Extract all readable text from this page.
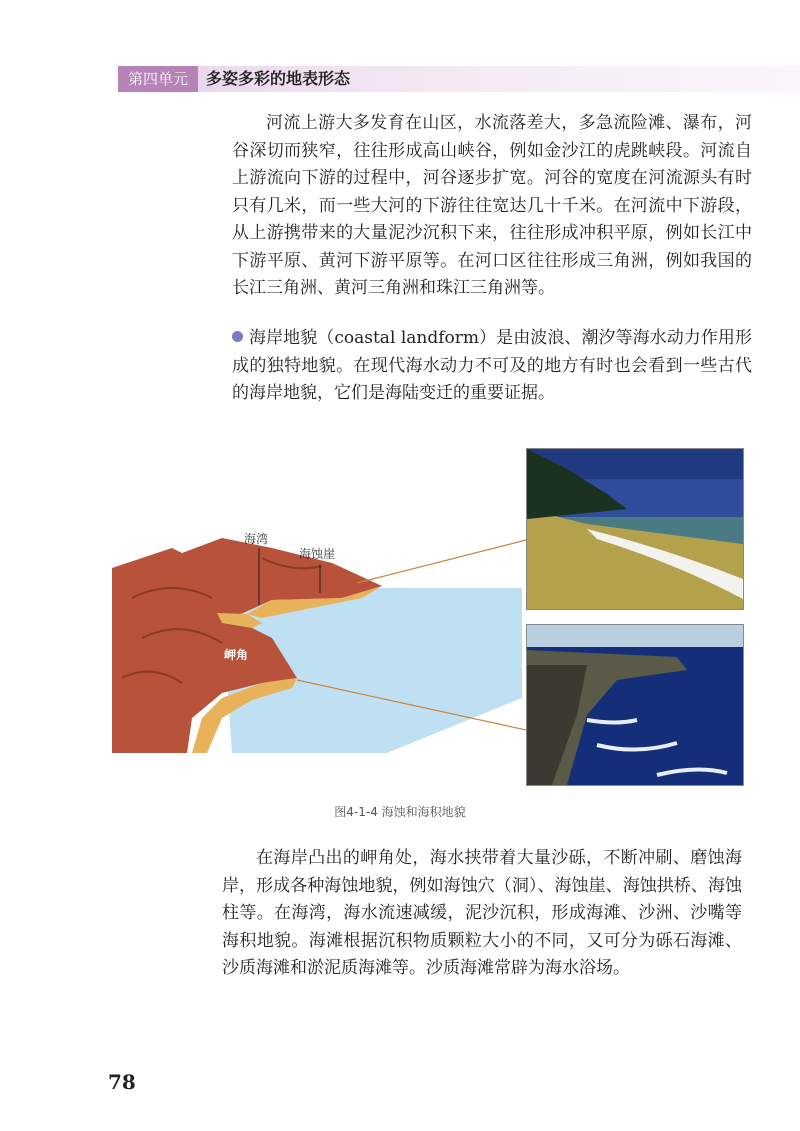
第四单元	多姿多彩的地表形态

河流上游大多发育在山区，水流落差大，多急流险滩、瀑布，河谷深切而狭窄，往往形成高山峡谷，例如金沙江的虎跳峡段。河流自上游流向下游的过程中，河谷逐步扩宽。河谷的宽度在河流源头有时只有几米，而一些大河的下游往往宽达几十千米。在河流中下游段，从上游携带来的大量泥沙沉积下来，往往形成冲积平原，例如长江中下游平原、黄河下游平原等。在河口区往往形成三角洲，例如我国的长江三角洲、黄河三角洲和珠江三角洲等。

海岸地貌（coastal landform）是由波浪、潮汐等海水动力作用形成的独特地貌。在现代海水动力不可及的地方有时也会看到一些古代的海岸地貌，它们是海陆变迁的重要证据。

海湾
海蚀崖
岬角
图4-1-4 海蚀和海积地貌

在海岸凸出的岬角处，海水挟带着大量沙砾，不断冲刷、磨蚀海岸，形成各种海蚀地貌，例如海蚀穴（洞）、海蚀崖、海蚀拱桥、海蚀柱等。在海湾，海水流速减缓，泥沙沉积，形成海滩、沙洲、沙嘴等海积地貌。海滩根据沉积物质颗粒大小的不同，又可分为砾石海滩、沙质海滩和淤泥质海滩等。沙质海滩常辟为海水浴场。

78
